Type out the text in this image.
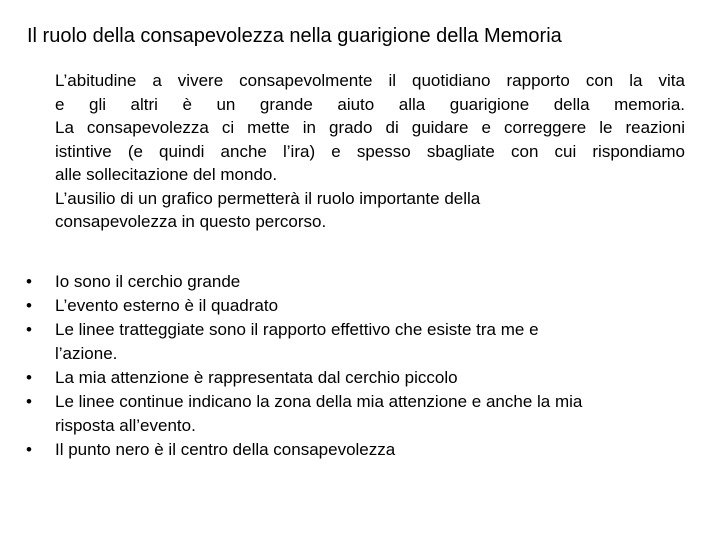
Il ruolo della consapevolezza nella guarigione della Memoria
L’abitudine a vivere consapevolmente il quotidiano rapporto con la vita
e gli altri è un grande aiuto alla guarigione della memoria.
La consapevolezza ci mette in grado di guidare e correggere le reazioni
istintive (e quindi anche l’ira) e spesso sbagliate con cui rispondiamo
alle sollecitazione del mondo.
L’ausilio di un grafico permetterà il ruolo importante della
consapevolezza in questo percorso.
•	Io sono il cerchio grande
•	L’evento esterno è il quadrato
•	Le linee tratteggiate sono il rapporto effettivo che esiste tra me e
l’azione.
•	La mia attenzione è rappresentata dal cerchio piccolo
•	Le linee continue indicano la zona della mia attenzione e anche la mia
risposta all’evento.
•	Il punto nero è il centro della consapevolezza
